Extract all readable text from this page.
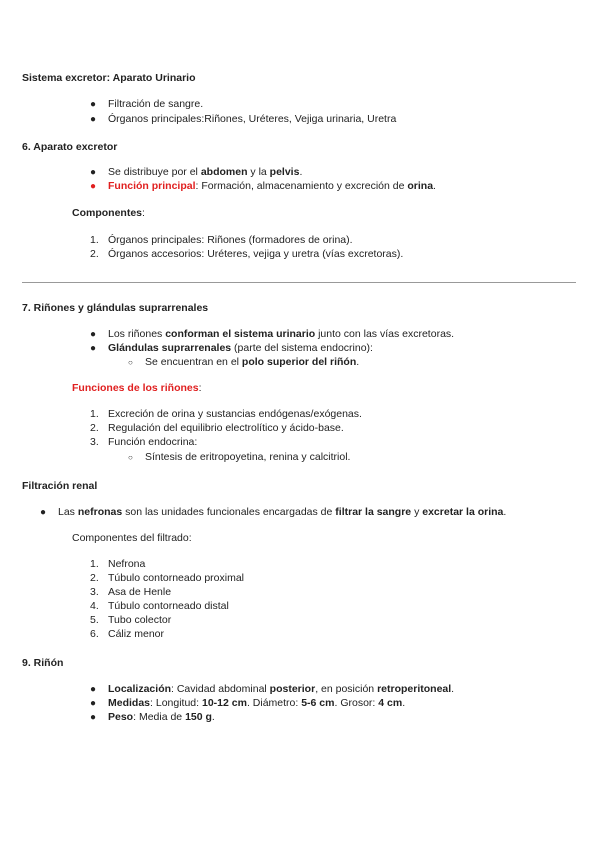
Sistema excretor: Aparato Urinario
● Filtración de sangre.
● Órganos principales:Riñones, Uréteres, Vejiga urinaria, Uretra
6. Aparato excretor
● Se distribuye por el abdomen y la pelvis.
● Función principal: Formación, almacenamiento y excreción de orina.
Componentes:
1. Órganos principales: Riñones (formadores de orina).
2. Órganos accesorios: Uréteres, vejiga y uretra (vías excretoras).
7. Riñones y glándulas suprarrenales
● Los riñones conforman el sistema urinario junto con las vías excretoras.
● Glándulas suprarrenales (parte del sistema endocrino):
○ Se encuentran en el polo superior del riñón.
Funciones de los riñones:
1. Excreción de orina y sustancias endógenas/exógenas.
2. Regulación del equilibrio electrolítico y ácido-base.
3. Función endocrina:
○ Síntesis de eritropoyetina, renina y calcitriol.
Filtración renal
● Las nefronas son las unidades funcionales encargadas de filtrar la sangre y excretar la orina.
Componentes del filtrado:
1. Nefrona
2. Túbulo contorneado proximal
3. Asa de Henle
4. Túbulo contorneado distal
5. Tubo colector
6. Cáliz menor
9. Riñón
● Localización: Cavidad abdominal posterior, en posición retroperitoneal.
● Medidas: Longitud: 10-12 cm. Diámetro: 5-6 cm. Grosor: 4 cm.
● Peso: Media de 150 g.
